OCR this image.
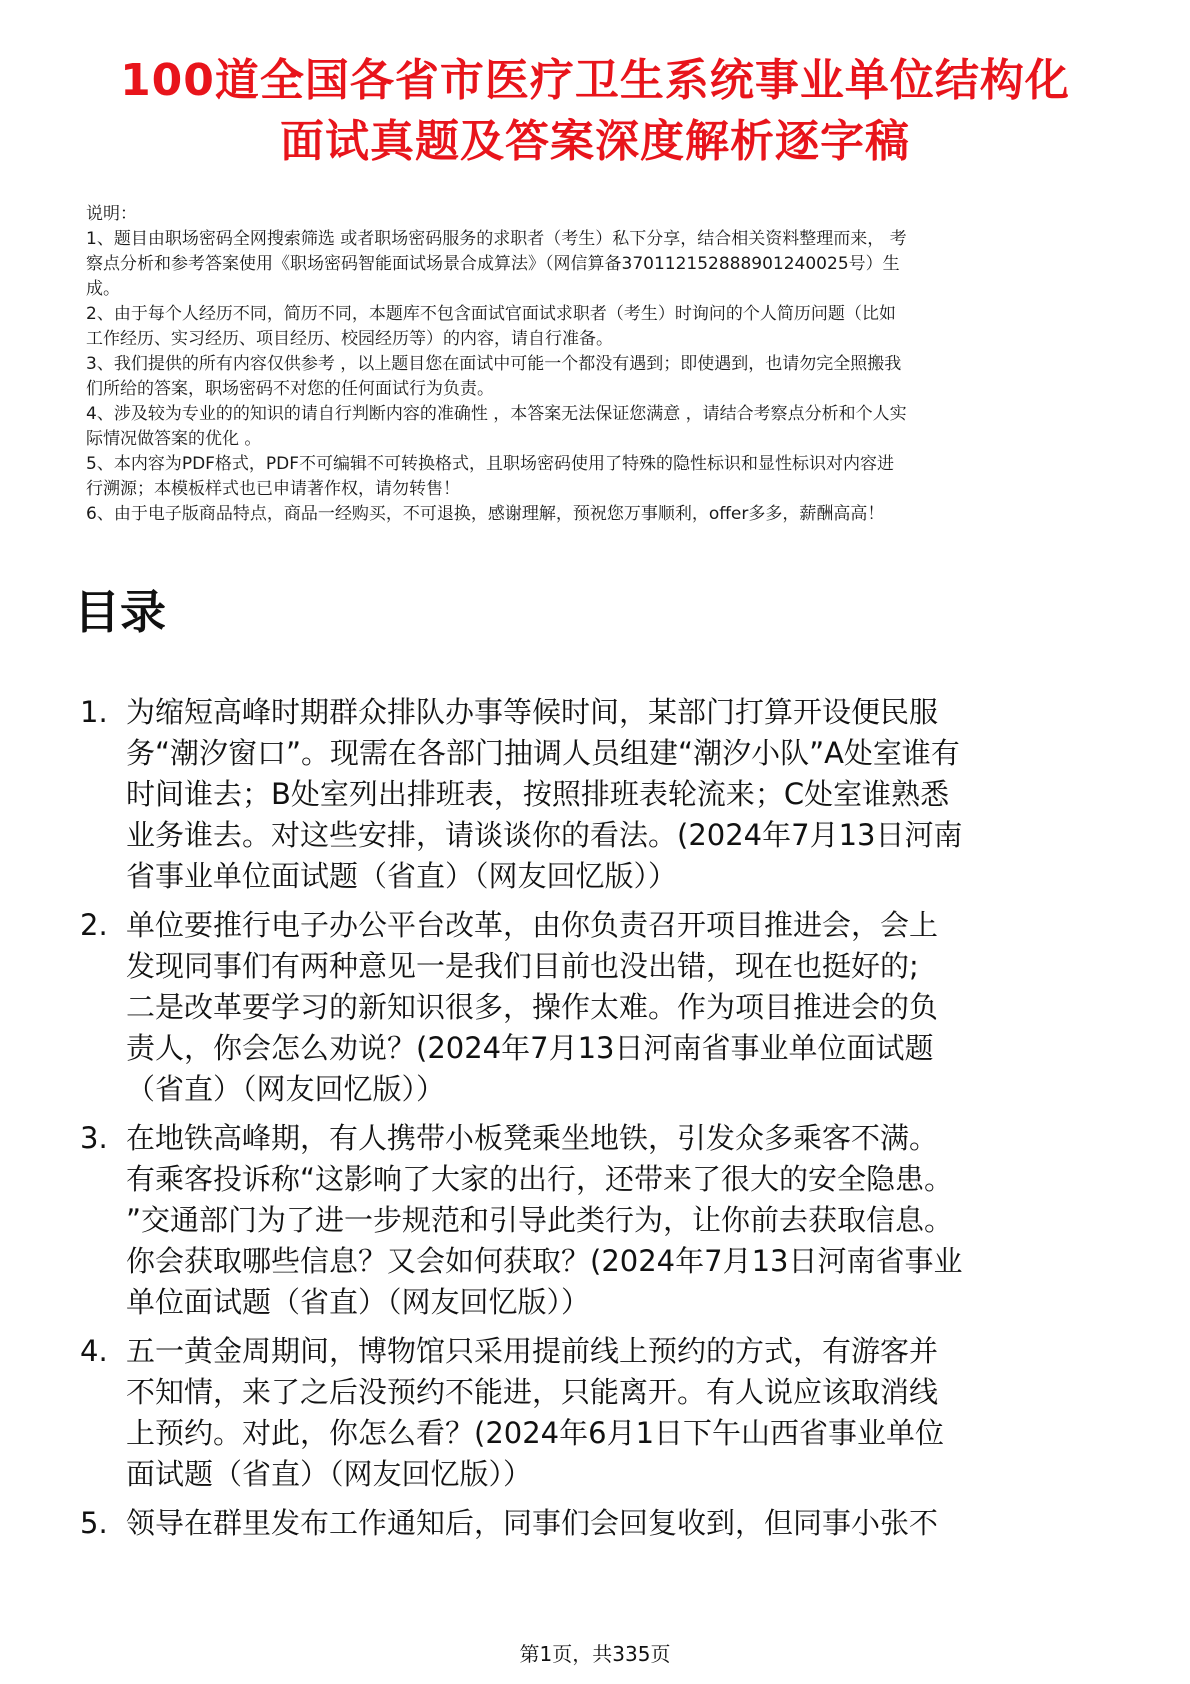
100道全国各省市医疗卫生系统事业单位结构化
面试真题及答案深度解析逐字稿
说明：
1、题目由职场密码全网搜索筛选 或者职场密码服务的求职者（考生）私下分享，结合相关资料整理而来， 考
察点分析和参考答案使用《职场密码智能面试场景合成算法》（网信算备370112152888901240025号）生
成。
2、由于每个人经历不同，简历不同，本题库不包含面试官面试求职者（考生）时询问的个人简历问题（比如
工作经历、实习经历、项目经历、校园经历等）的内容，请自行准备。
3、我们提供的所有内容仅供参考 ，以上题目您在面试中可能一个都没有遇到；即使遇到，也请勿完全照搬我
们所给的答案，职场密码不对您的任何面试行为负责。
4、涉及较为专业的的知识的请自行判断内容的准确性 ，本答案无法保证您满意 ，请结合考察点分析和个人实
际情况做答案的优化 。
5、本内容为PDF格式，PDF不可编辑不可转换格式，且职场密码使用了特殊的隐性标识和显性标识对内容进
行溯源；本模板样式也已申请著作权，请勿转售！
6、由于电子版商品特点，商品一经购买，不可退换，感谢理解，预祝您万事顺利，offer多多，薪酬高高！
目录
1. 为缩短高峰时期群众排队办事等候时间，某部门打算开设便民服
务“潮汐窗口”。现需在各部门抽调人员组建“潮汐小队”A处室谁有
时间谁去；B处室列出排班表，按照排班表轮流来；C处室谁熟悉
业务谁去。对这些安排，请谈谈你的看法。(2024年7月13日河南
省事业单位面试题（省直）（网友回忆版））
2. 单位要推行电子办公平台改革，由你负责召开项目推进会，会上
发现同事们有两种意见一是我们目前也没出错，现在也挺好的;
二是改革要学习的新知识很多，操作太难。作为项目推进会的负
责人，你会怎么劝说？(2024年7月13日河南省事业单位面试题
（省直）（网友回忆版））
3. 在地铁高峰期，有人携带小板凳乘坐地铁，引发众多乘客不满。
有乘客投诉称“这影响了大家的出行，还带来了很大的安全隐患。
”交通部门为了进一步规范和引导此类行为，让你前去获取信息。
你会获取哪些信息？又会如何获取？(2024年7月13日河南省事业
单位面试题（省直）（网友回忆版））
4. 五一黄金周期间，博物馆只采用提前线上预约的方式，有游客并
不知情，来了之后没预约不能进，只能离开。有人说应该取消线
上预约。对此，你怎么看？(2024年6月1日下午山西省事业单位
面试题（省直）（网友回忆版））
5. 领导在群里发布工作通知后，同事们会回复收到，但同事小张不
第1页，共335页
